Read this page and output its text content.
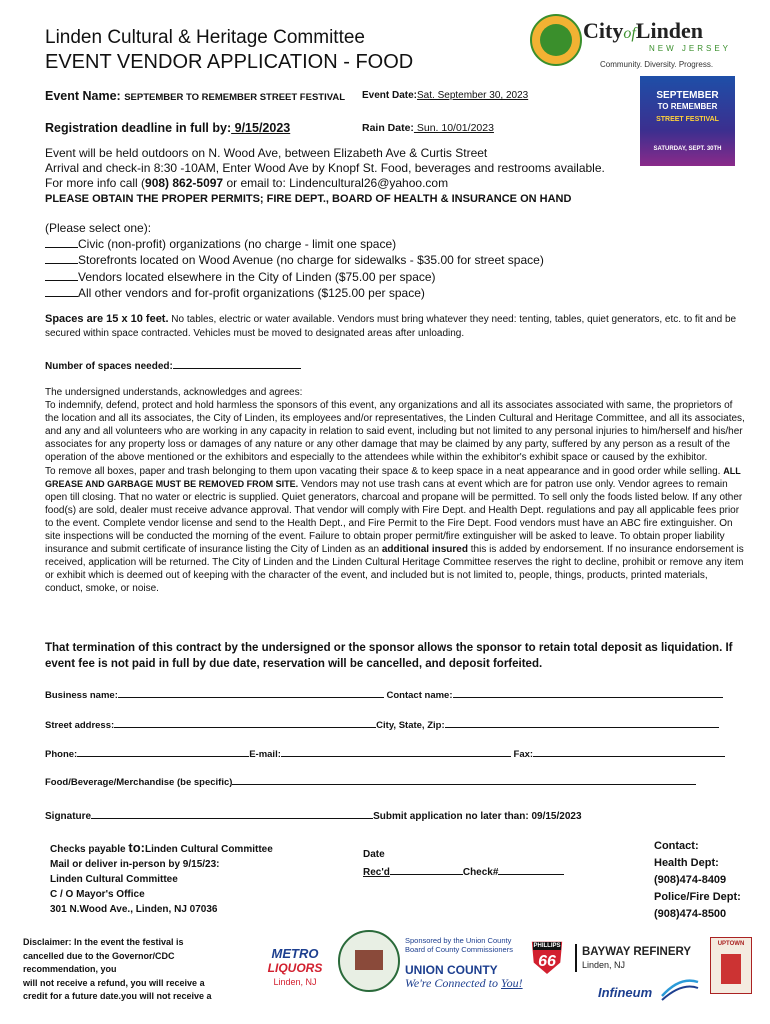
Linden Cultural & Heritage Committee
EVENT VENDOR APPLICATION - FOOD
CityofLinden
NEW JERSEY
Community. Diversity. Progress.
SEPTEMBER
TO REMEMBER
STREET FESTIVAL
SATURDAY, SEPT. 30TH
Event Name: SEPTEMBER TO REMEMBER STREET FESTIVAL Event Date:Sat. September 30, 2023
Registration deadline in full by: 9/15/2023	Rain Date: Sun. 10/01/2023
Event will be held outdoors on N. Wood Ave, between Elizabeth Ave & Curtis Street
Arrival and check-in 8:30 -10AM, Enter Wood Ave by Knopf St. Food, beverages and restrooms available.
For more info call (908) 862-5097 or email to: Lindencultural26@yahoo.com
PLEASE OBTAIN THE PROPER PERMITS; FIRE DEPT., BOARD OF HEALTH & INSURANCE ON HAND
(Please select one):
Civic (non-profit) organizations (no charge - limit one space)
Storefronts located on Wood Avenue (no charge for sidewalks - $35.00 for street space)
Vendors located elsewhere in the City of Linden ($75.00 per space)
All other vendors and for-profit organizations ($125.00 per space)
Spaces are 15 x 10 feet. No tables, electric or water available. Vendors must bring whatever they need: tenting, tables, quiet generators, etc. to fit and be secured within space contracted. Vehicles must be moved to designated areas after unloading.
Number of spaces needed:
The undersigned understands, acknowledges and agrees:
To indemnify, defend, protect and hold harmless the sponsors of this event, any organizations and all its associates associated with same, the proprietors of the location and all its associates, the City of Linden, its employees and/or representatives, the Linden Cultural and Heritage Committee, and all its associates, and any and all volunteers who are working in any capacity in relation to said event, including but not limited to any personal injuries to him/herself and his/her associates for any property loss or damages of any nature or any other damage that may be claimed by any party, suffered by any person as a result of the operation of the above mentioned or the exhibitors and especially to the attendees while within the exhibitor's exhibit space or caused by the exhibitor.
To remove all boxes, paper and trash belonging to them upon vacating their space & to keep space in a neat appearance and in good order while selling. ALL GREASE AND GARBAGE MUST BE REMOVED FROM SITE. Vendors may not use trash cans at event which are for patron use only. Vendor agrees to remain open till closing. That no water or electric is supplied. Quiet generators, charcoal and propane will be permitted. To sell only the foods listed below. If any other food(s) are sold, dealer must receive advance approval. That vendor will comply with Fire Dept. and Health Dept. regulations and pay all applicable fees prior to the event. Complete vendor license and send to the Health Dept., and Fire Permit to the Fire Dept. Food vendors must have an ABC fire extinguisher. On site inspections will be conducted the morning of the event. Failure to obtain proper permit/fire extinguisher will be asked to leave. To obtain proper liability insurance and submit certificate of insurance listing the City of Linden as an additional insured this is added by endorsement. If no insurance endorsement is received, application will be returned. The City of Linden and the Linden Cultural Heritage Committee reserves the right to decline, prohibit or remove any item or exhibit which is deemed out of keeping with the character of the event, and included but is not limited to, people, things, products, printed materials, conduct, smoke, or noise.
That termination of this contract by the undersigned or the sponsor allows the sponsor to retain total deposit as liquidation. If event fee is not paid in full by due date, reservation will be cancelled, and deposit forfeited.
Business name:	Contact name:
Street address:	City, State, Zip:
Phone:	E-mail:	Fax:
Food/Beverage/Merchandise (be specific)
Signature	Submit application no later than: 09/15/2023
Checks payable to:Linden Cultural Committee
Mail or deliver in-person by 9/15/23:
Linden Cultural Committee
C / O Mayor's Office
301 N.Wood Ave., Linden, NJ 07036
Date
Rec'd	Check#
Contact:
Health Dept:
(908)474-8409
Police/Fire Dept:
(908)474-8500
Disclaimer: In the event the festival is
cancelled due to the Governor/CDC
recommendation, you
will not receive a refund, you will receive a
credit for a future date.you will not receive a
METRO
LIQUORS
Linden, NJ
Sponsored by the Union County
Board of County Commissioners
UNION COUNTY
We're Connected to You!
PHILLIPS
66
BAYWAY REFINERY
Linden, NJ
Infineum
UPTOWN
